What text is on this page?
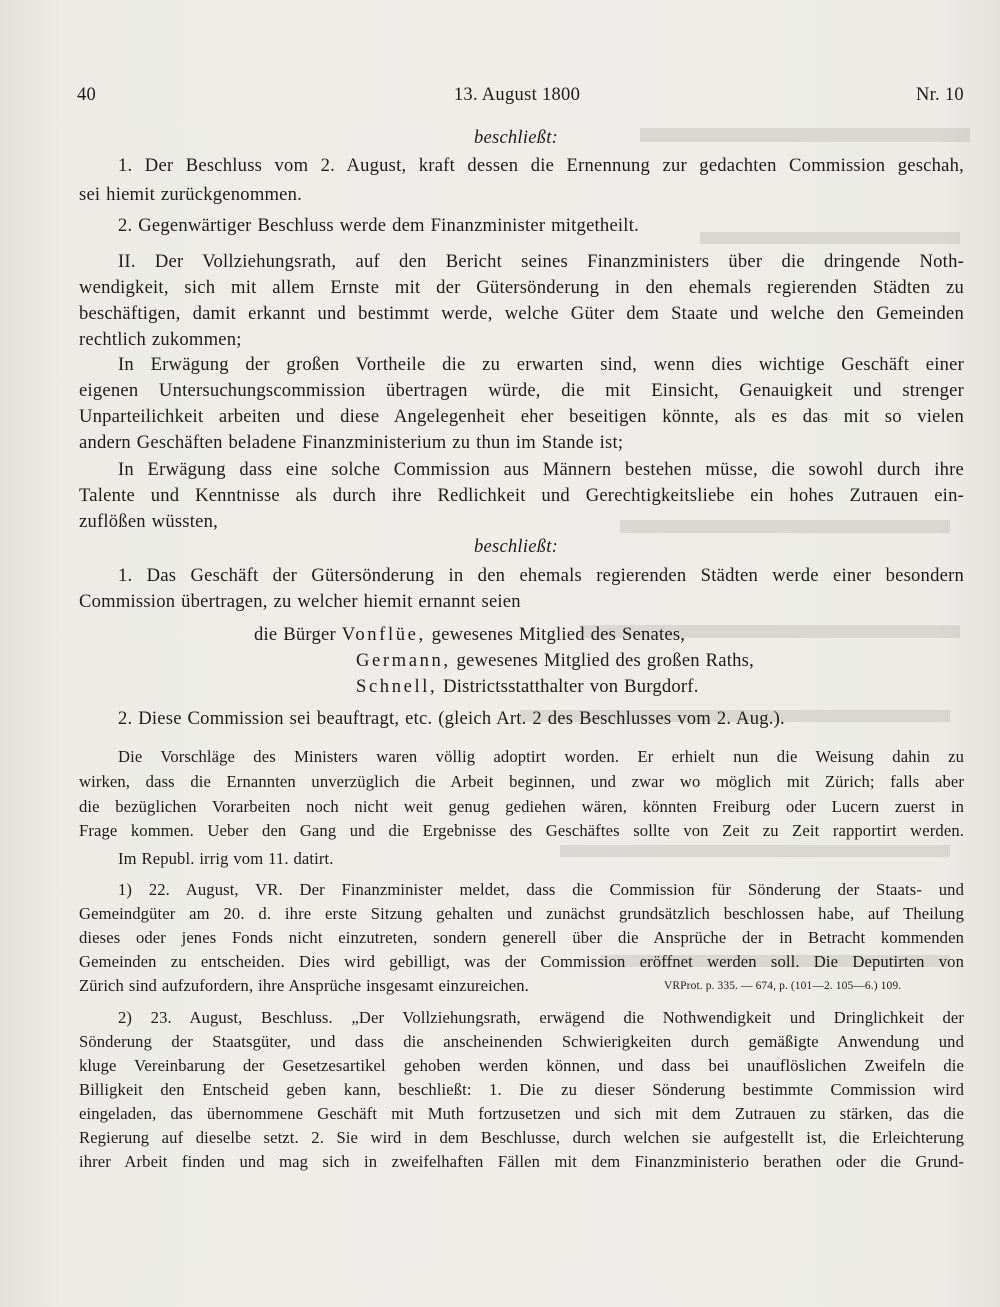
40	13. August 1800	Nr. 10
beschließt:
1. Der Beschluss vom 2. August, kraft dessen die Ernennung zur gedachten Commission geschah,
sei hiemit zurückgenommen.
2. Gegenwärtiger Beschluss werde dem Finanzminister mitgetheilt.
II. Der Vollziehungsrath, auf den Bericht seines Finanzministers über die dringende Noth-
wendigkeit, sich mit allem Ernste mit der Gütersönderung in den ehemals regierenden Städten zu
beschäftigen, damit erkannt und bestimmt werde, welche Güter dem Staate und welche den Gemeinden
rechtlich zukommen;
In Erwägung der großen Vortheile die zu erwarten sind, wenn dies wichtige Geschäft einer
eigenen Untersuchungscommission übertragen würde, die mit Einsicht, Genauigkeit und strenger
Unparteilichkeit arbeiten und diese Angelegenheit eher beseitigen könnte, als es das mit so vielen
andern Geschäften beladene Finanzministerium zu thun im Stande ist;
In Erwägung dass eine solche Commission aus Männern bestehen müsse, die sowohl durch ihre
Talente und Kenntnisse als durch ihre Redlichkeit und Gerechtigkeitsliebe ein hohes Zutrauen ein-
zuflößen wüssten,
beschließt:
1. Das Geschäft der Gütersönderung in den ehemals regierenden Städten werde einer besondern
Commission übertragen, zu welcher hiemit ernannt seien
die Bürger Vonflüe, gewesenes Mitglied des Senates,
Germann, gewesenes Mitglied des großen Raths,
Schnell, Districtsstatthalter von Burgdorf.
2. Diese Commission sei beauftragt, etc. (gleich Art. 2 des Beschlusses vom 2. Aug.).
Die Vorschläge des Ministers waren völlig adoptirt worden. Er erhielt nun die Weisung dahin zu
wirken, dass die Ernannten unverzüglich die Arbeit beginnen, und zwar wo möglich mit Zürich; falls aber
die bezüglichen Vorarbeiten noch nicht weit genug gediehen wären, könnten Freiburg oder Lucern zuerst in
Frage kommen. Ueber den Gang und die Ergebnisse des Geschäftes sollte von Zeit zu Zeit rapportirt werden.
Im Republ. irrig vom 11. datirt.
1) 22. August, VR. Der Finanzminister meldet, dass die Commission für Sönderung der Staats- und
Gemeindgüter am 20. d. ihre erste Sitzung gehalten und zunächst grundsätzlich beschlossen habe, auf Theilung
dieses oder jenes Fonds nicht einzutreten, sondern generell über die Ansprüche der in Betracht kommenden
Gemeinden zu entscheiden. Dies wird gebilligt, was der Commission eröffnet werden soll. Die Deputirten von
Zürich sind aufzufordern, ihre Ansprüche insgesamt einzureichen.	VRProt. p. 335. — 674, p. (101—2. 105—6.) 109.
2) 23. August, Beschluss. „Der Vollziehungsrath, erwägend die Nothwendigkeit und Dringlichkeit der
Sönderung der Staatsgüter, und dass die anscheinenden Schwierigkeiten durch gemäßigte Anwendung und
kluge Vereinbarung der Gesetzesartikel gehoben werden können, und dass bei unauflöslichen Zweifeln die
Billigkeit den Entscheid geben kann, beschließt: 1. Die zu dieser Sönderung bestimmte Commission wird
eingeladen, das übernommene Geschäft mit Muth fortzusetzen und sich mit dem Zutrauen zu stärken, das die
Regierung auf dieselbe setzt. 2. Sie wird in dem Beschlusse, durch welchen sie aufgestellt ist, die Erleichterung
ihrer Arbeit finden und mag sich in zweifelhaften Fällen mit dem Finanzministerio berathen oder die Grund-
